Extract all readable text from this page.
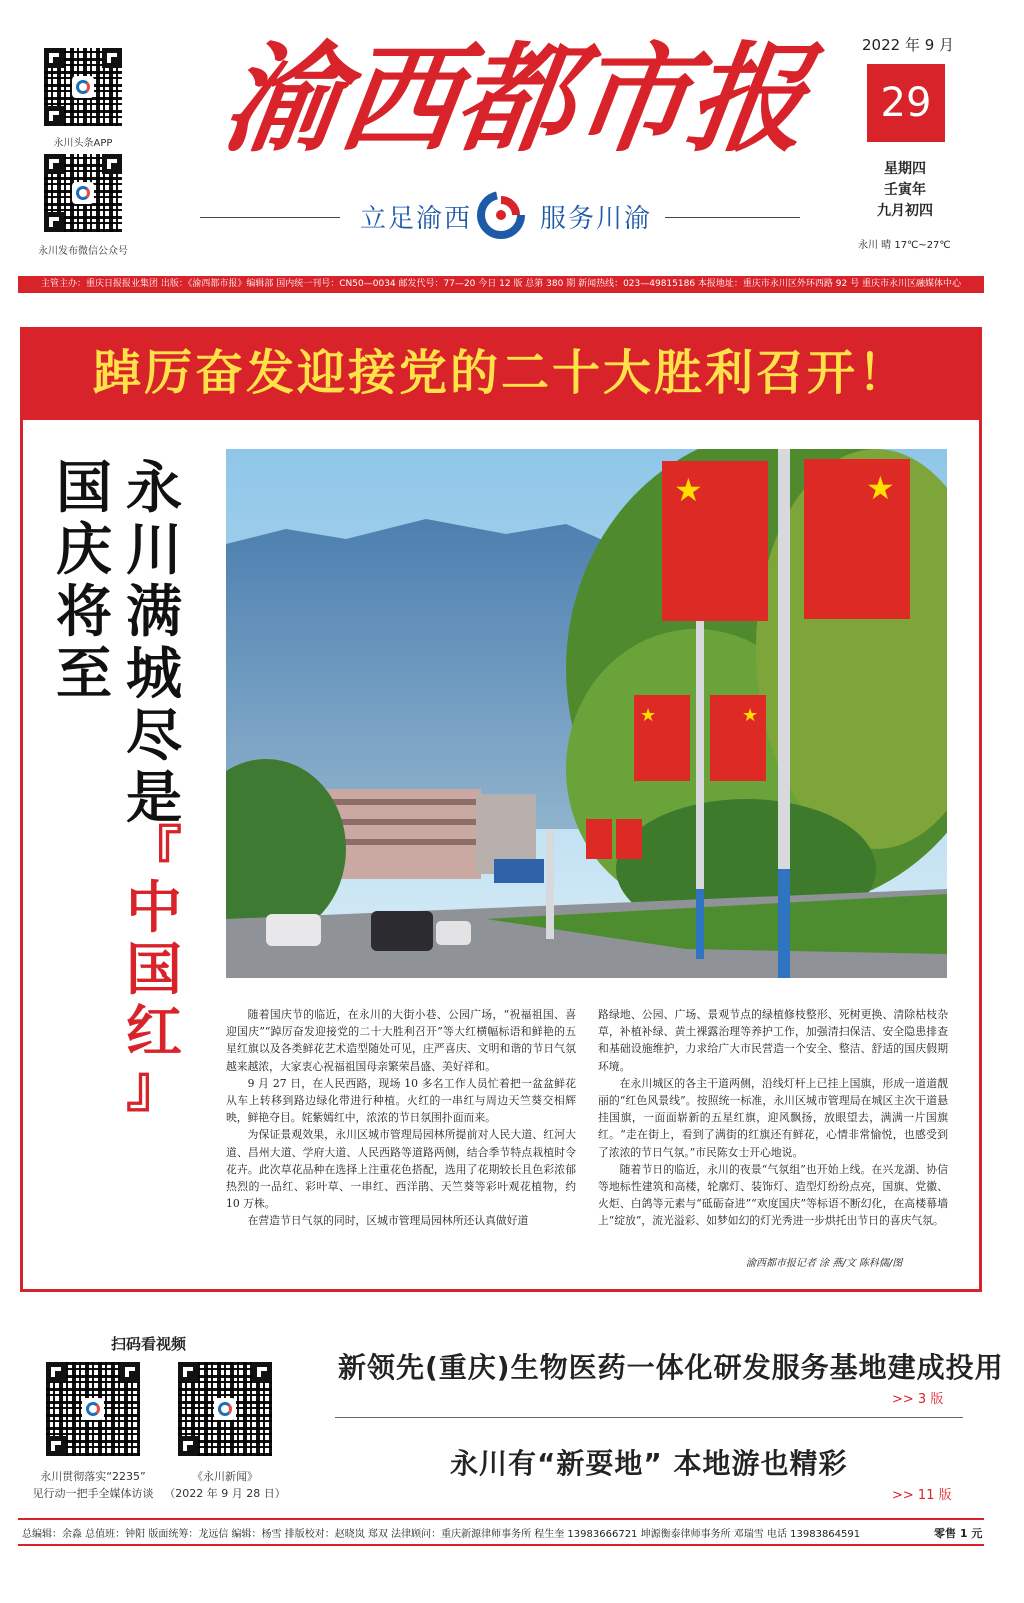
永川头条APP
永川发布微信公众号
渝西都市报
立足渝西	服务川渝
2022 年 9 月
29
星期四
壬寅年
九月初四
永川 晴 17℃~27℃
主管主办：重庆日报报业集团 出版：《渝西都市报》编辑部 国内统一刊号：CN50—0034 邮发代号：77—20 今日 12 版 总第 380 期 新闻热线：023—49815186 本报地址：重庆市永川区外环西路 92 号 重庆市永川区融媒体中心
踔厉奋发迎接党的二十大胜利召开！
国
庆
将
至
永
川
满
城
尽
是
『
中
国
红
』
★	★
★	★

随着国庆节的临近，在永川的大街小巷、公园广场，“祝福祖国、喜迎国庆”“踔厉奋发迎接党的二十大胜利召开”等大红横幅标语和鲜艳的五星红旗以及各类鲜花艺术造型随处可见，庄严喜庆、文明和谐的节日气氛越来越浓，大家衷心祝福祖国母亲繁荣昌盛、美好祥和。

9 月 27 日，在人民西路，现场 10 多名工作人员忙着把一盆盆鲜花从车上转移到路边绿化带进行种植。火红的一串红与周边天竺葵交相辉映，鲜艳夺目。姹紫嫣红中，浓浓的节日氛围扑面而来。

为保证景观效果，永川区城市管理局园林所提前对人民大道、红河大道、昌州大道、学府大道、人民西路等道路两侧，结合季节特点栽植时令花卉。此次草花品种在选择上注重花色搭配，选用了花期较长且色彩浓郁热烈的一品红、彩叶草、一串红、西洋鹃、天竺葵等彩叶观花植物，约 10 万株。

在营造节日气氛的同时，区城市管理局园林所还认真做好道

路绿地、公园、广场、景观节点的绿植修枝整形、死树更换、清除枯枝杂草，补植补绿、黄土裸露治理等养护工作，加强清扫保洁、安全隐患排查和基础设施维护，力求给广大市民营造一个安全、整洁、舒适的国庆假期环境。

在永川城区的各主干道两侧，沿线灯杆上已挂上国旗，形成一道道靓丽的“红色风景线”。按照统一标准，永川区城市管理局在城区主次干道悬挂国旗，一面面崭新的五星红旗，迎风飘扬，放眼望去，满满一片国旗红。“走在街上，看到了满街的红旗还有鲜花，心情非常愉悦，也感受到了浓浓的节日气氛。”市民陈女士开心地说。

随着节日的临近，永川的夜景“气氛组”也开始上线。在兴龙湖、协信等地标性建筑和高楼，轮廓灯、装饰灯、造型灯纷纷点亮，国旗、党徽、火炬、白鸽等元素与“砥砺奋进”“欢度国庆”等标语不断幻化，在高楼幕墙上“绽放”，流光溢彩、如梦如幻的灯光秀进一步烘托出节日的喜庆气氛。

渝西都市报记者 涂 燕/文 陈科儒/图
扫码看视频
永川贯彻落实“2235”
见行动一把手全媒体访谈
《永川新闻》
（2022 年 9 月 28 日）
新领先(重庆)生物医药一体化研发服务基地建成投用
>> 3 版
永川有“新耍地” 本地游也精彩
>> 11 版
总编辑：余淼 总值班：钟阳 版面统筹：龙远信 编辑：杨雪 排版校对：赵晓岚 郑双 法律顾问：重庆新源律师事务所 程生奎 13983666721 坤源衡泰律师事务所 邓瑞雪 电话 13983864591	零售 1 元
